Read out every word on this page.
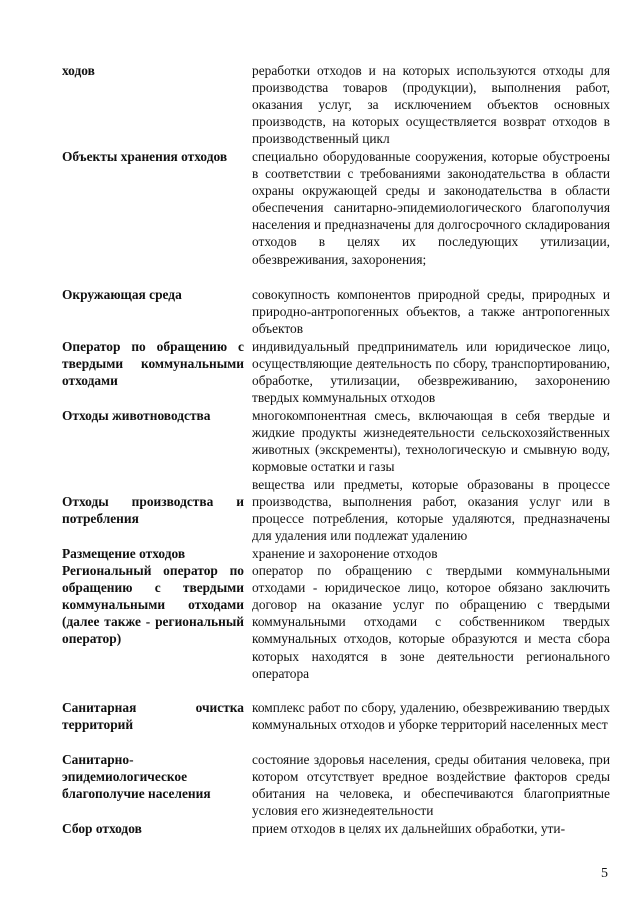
ходов	реработки отходов и на которых используются отходы для производства товаров (продукции), выполнения работ, оказания услуг, за исключением объектов основных производств, на которых осуществляется возврат отходов в производственный цикл
Объекты хранения отходов	специально оборудованные сооружения, которые обустроены в соответствии с требованиями законодательства в области охраны окружающей среды и законодательства в области обеспечения санитарно-эпидемиологического благополучия населения и предназначены для долгосрочного складирования отходов в целях их последующих утилизации, обезвреживания, захоронения;
Окружающая среда	совокупность компонентов природной среды, природных и природно-антропогенных объектов, а также антропогенных объектов
Оператор по обращению с твердыми коммунальными отходами	индивидуальный предприниматель или юридическое лицо, осуществляющие деятельность по сбору, транспортированию, обработке, утилизации, обезвреживанию, захоронению твердых коммунальных отходов
Отходы животноводства	многокомпонентная смесь, включающая в себя твердые и жидкие продукты жизнедеятельности сельскохозяйственных животных (экскременты), технологическую и смывную воду, кормовые остатки и газы
Отходы производства и потребления	вещества или предметы, которые образованы в процессе производства, выполнения работ, оказания услуг или в процессе потребления, которые удаляются, предназначены для удаления или подлежат удалению
Размещение отходов	хранение и захоронение отходов
Региональный оператор по обращению с твердыми коммунальными отходами (далее также - региональный оператор)	оператор по обращению с твердыми коммунальными отходами - юридическое лицо, которое обязано заключить договор на оказание услуг по обращению с твердыми коммунальными отходами с собственником твердых коммунальных отходов, которые образуются и места сбора которых находятся в зоне деятельности регионального оператора
Санитарная очистка территорий	комплекс работ по сбору, удалению, обезвреживанию твердых коммунальных отходов и уборке территорий населенных мест
Санитарно-эпидемиологическое благополучие населения	состояние здоровья населения, среды обитания человека, при котором отсутствует вредное воздействие факторов среды обитания на человека, и обеспечиваются благоприятные условия его жизнедеятельности
Сбор отходов	прием отходов в целях их дальнейших обработки, ути-
5
